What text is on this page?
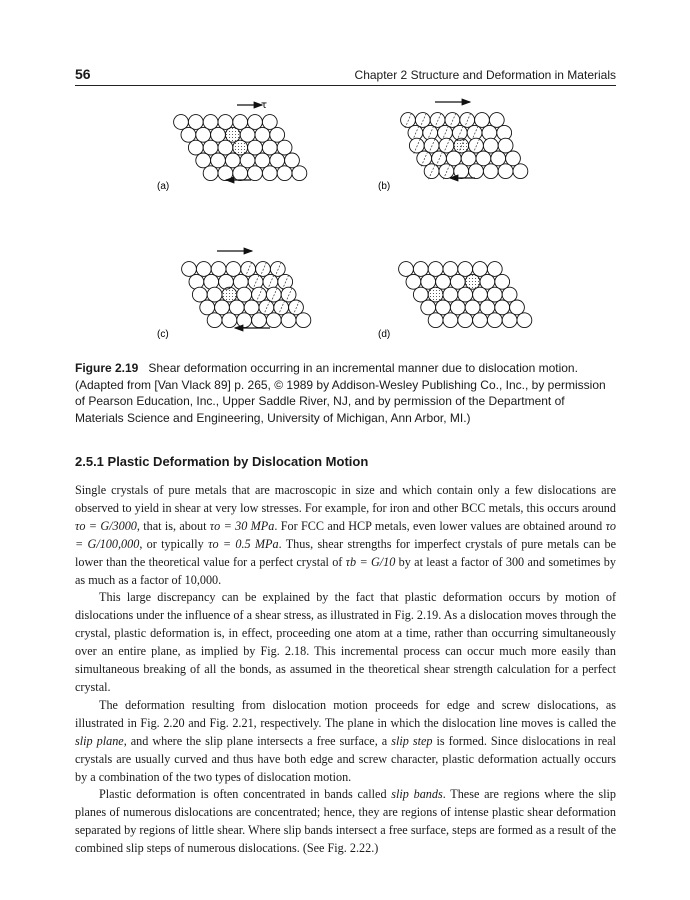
56	Chapter 2 Structure and Deformation in Materials
τ
(a)	(b)
(c)	(d)
Figure 2.19 Shear deformation occurring in an incremental manner due to dislocation motion. (Adapted from [Van Vlack 89] p. 265, © 1989 by Addison-Wesley Publishing Co., Inc., by permission of Pearson Education, Inc., Upper Saddle River, NJ, and by permission of the Department of Materials Science and Engineering, University of Michigan, Ann Arbor, MI.)
2.5.1 Plastic Deformation by Dislocation Motion

Single crystals of pure metals that are macroscopic in size and which contain only a few dislocations are observed to yield in shear at very low stresses. For example, for iron and other BCC metals, this occurs around τo = G/3000, that is, about τo = 30 MPa. For FCC and HCP metals, even lower values are obtained around τo = G/100,000, or typically τo = 0.5 MPa. Thus, shear strengths for imperfect crystals of pure metals can be lower than the theoretical value for a perfect crystal of τb = G/10 by at least a factor of 300 and sometimes by as much as a factor of 10,000.

This large discrepancy can be explained by the fact that plastic deformation occurs by motion of dislocations under the influence of a shear stress, as illustrated in Fig. 2.19. As a dislocation moves through the crystal, plastic deformation is, in effect, proceeding one atom at a time, rather than occurring simultaneously over an entire plane, as implied by Fig. 2.18. This incremental process can occur much more easily than simultaneous breaking of all the bonds, as assumed in the theoretical shear strength calculation for a perfect crystal.

The deformation resulting from dislocation motion proceeds for edge and screw dislocations, as illustrated in Fig. 2.20 and Fig. 2.21, respectively. The plane in which the dislocation line moves is called the slip plane, and where the slip plane intersects a free surface, a slip step is formed. Since dislocations in real crystals are usually curved and thus have both edge and screw character, plastic deformation actually occurs by a combination of the two types of dislocation motion.

Plastic deformation is often concentrated in bands called slip bands. These are regions where the slip planes of numerous dislocations are concentrated; hence, they are regions of intense plastic shear deformation separated by regions of little shear. Where slip bands intersect a free surface, steps are formed as a result of the combined slip steps of numerous dislocations. (See Fig. 2.22.)
